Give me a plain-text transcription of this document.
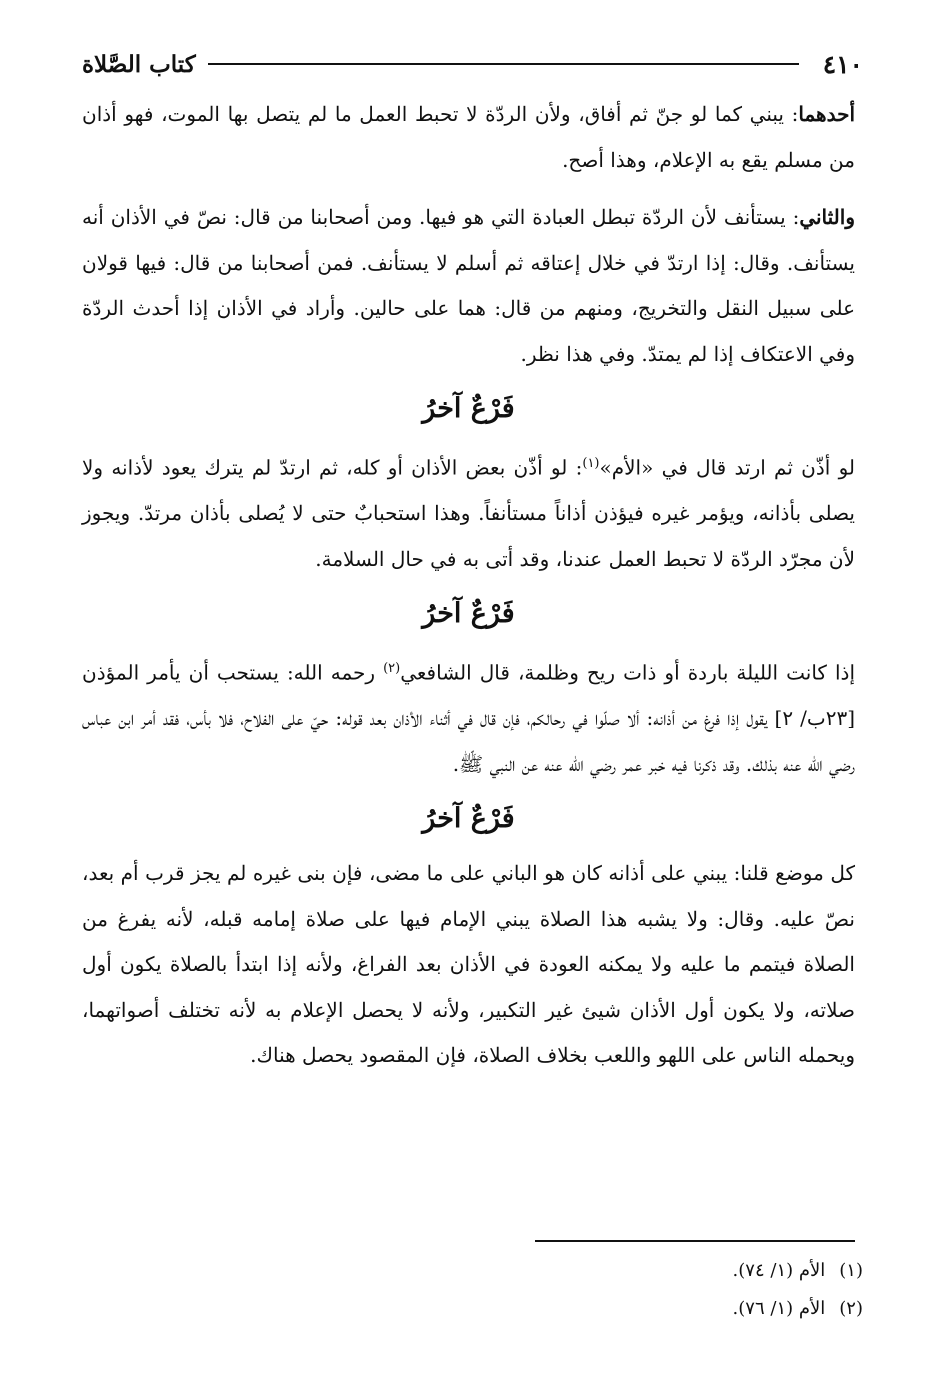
٤١٠
كتاب الصَّلاة

أحدهما: يبني كما لو جنّ ثم أفاق، ولأن الردّة لا تحبط العمل ما لم يتصل بها الموت، فهو أذان من مسلم يقع به الإعلام، وهذا أصح.

والثاني: يستأنف لأن الردّة تبطل العبادة التي هو فيها. ومن أصحابنا من قال: نصّ في الأذان أنه يستأنف. وقال: إذا ارتدّ في خلال إعتاقه ثم أسلم لا يستأنف. فمن أصحابنا من قال: فيها قولان على سبيل النقل والتخريج، ومنهم من قال: هما على حالين. وأراد في الأذان إذا أحدث الردّة وفي الاعتكاف إذا لم يمتدّ. وفي هذا نظر.

فَرْعٌ آخرُ

لو أذّن ثم ارتد قال في «الأم»$^{(١)}$: لو أذّن بعض الأذان أو كله، ثم ارتدّ لم يترك يعود لأذانه ولا يصلى بأذانه، ويؤمر غيره فيؤذن أذاناً مستأنفاً. وهذا استحبابٌ حتى لا يُصلى بأذان مرتدّ. ويجوز لأن مجرّد الردّة لا تحبط العمل عندنا، وقد أتى به في حال السلامة.

فَرْعٌ آخرُ

إذا كانت الليلة باردة أو ذات ريح وظلمة، قال الشافعي$^{(٢)}$ رحمه الله: يستحب أن يأمر المؤذن [٢٣ب/ ٢] يقول إذا فرغ من أذانه: ألا صلّوا في رحالكم، فإن قال في أثناء الأذان بعد قوله: حيّ على الفلاح، فلا بأس، فقد أمر ابن عباس رضي الله عنه بذلك. وقد ذكرنا فيه خبر عمر رضي الله عنه عن النبي ﷺ.

فَرْعٌ آخرُ

كل موضع قلنا: يبني على أذانه كان هو الباني على ما مضى، فإن بنى غيره لم يجز قرب أم بعد، نصّ عليه. وقال: ولا يشبه هذا الصلاة يبني الإمام فيها على صلاة إمامه قبله، لأنه يفرغ من الصلاة فيتمم ما عليه ولا يمكنه العودة في الأذان بعد الفراغ، ولأنه إذا ابتدأ بالصلاة يكون أول صلاته، ولا يكون أول الأذان شيئ غير التكبير، ولأنه لا يحصل الإعلام به لأنه تختلف أصواتهما، ويحمله الناس على اللهو واللعب بخلاف الصلاة، فإن المقصود يحصل هناك.

(١)الأم (١/ ٧٤).

(٢)الأم (١/ ٧٦).
